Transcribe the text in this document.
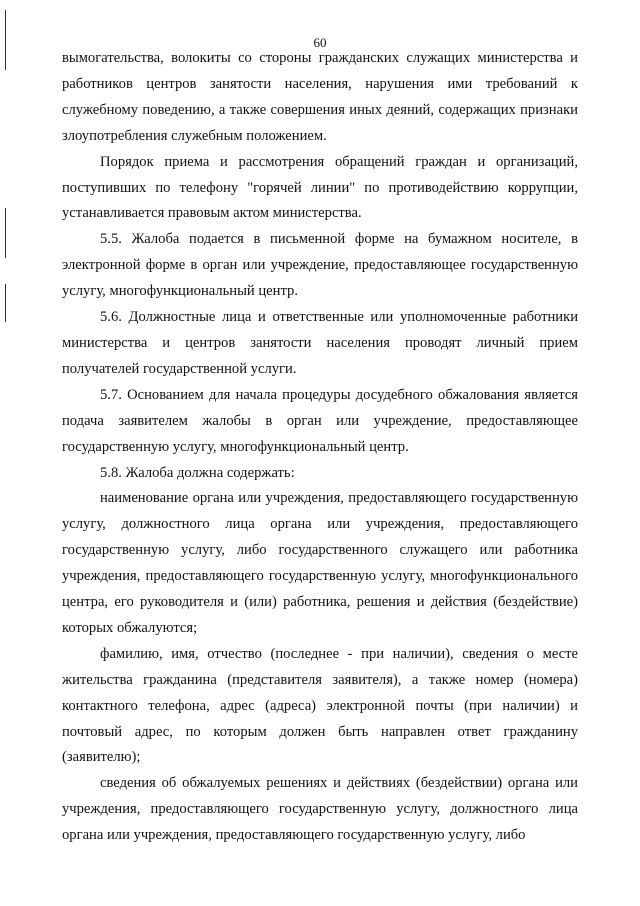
60

вымогательства, волокиты со стороны гражданских служащих министерства и работников центров занятости населения, нарушения ими требований к служебному поведению, а также совершения иных деяний, содержащих признаки злоупотребления служебным положением.

Порядок приема и рассмотрения обращений граждан и организаций, поступивших по телефону "горячей линии" по противодействию коррупции, устанавливается правовым актом министерства.

5.5. Жалоба подается в письменной форме на бумажном носителе, в электронной форме в орган или учреждение, предоставляющее государственную услугу, многофункциональный центр.

5.6. Должностные лица и ответственные или уполномоченные работники министерства и центров занятости населения проводят личный прием получателей государственной услуги.

5.7. Основанием для начала процедуры досудебного обжалования является подача заявителем жалобы в орган или учреждение, предоставляющее государственную услугу, многофункциональный центр.

5.8. Жалоба должна содержать:

наименование органа или учреждения, предоставляющего государственную услугу, должностного лица органа или учреждения, предоставляющего государственную услугу, либо государственного служащего или работника учреждения, предоставляющего государственную услугу, многофункционального центра, его руководителя и (или) работника, решения и действия (бездействие) которых обжалуются;

фамилию, имя, отчество (последнее - при наличии), сведения о месте жительства гражданина (представителя заявителя), а также номер (номера) контактного телефона, адрес (адреса) электронной почты (при наличии) и почтовый адрес, по которым должен быть направлен ответ гражданину (заявителю);

сведения об обжалуемых решениях и действиях (бездействии) органа или учреждения, предоставляющего государственную услугу, должностного лица органа или учреждения, предоставляющего государственную услугу, либо
